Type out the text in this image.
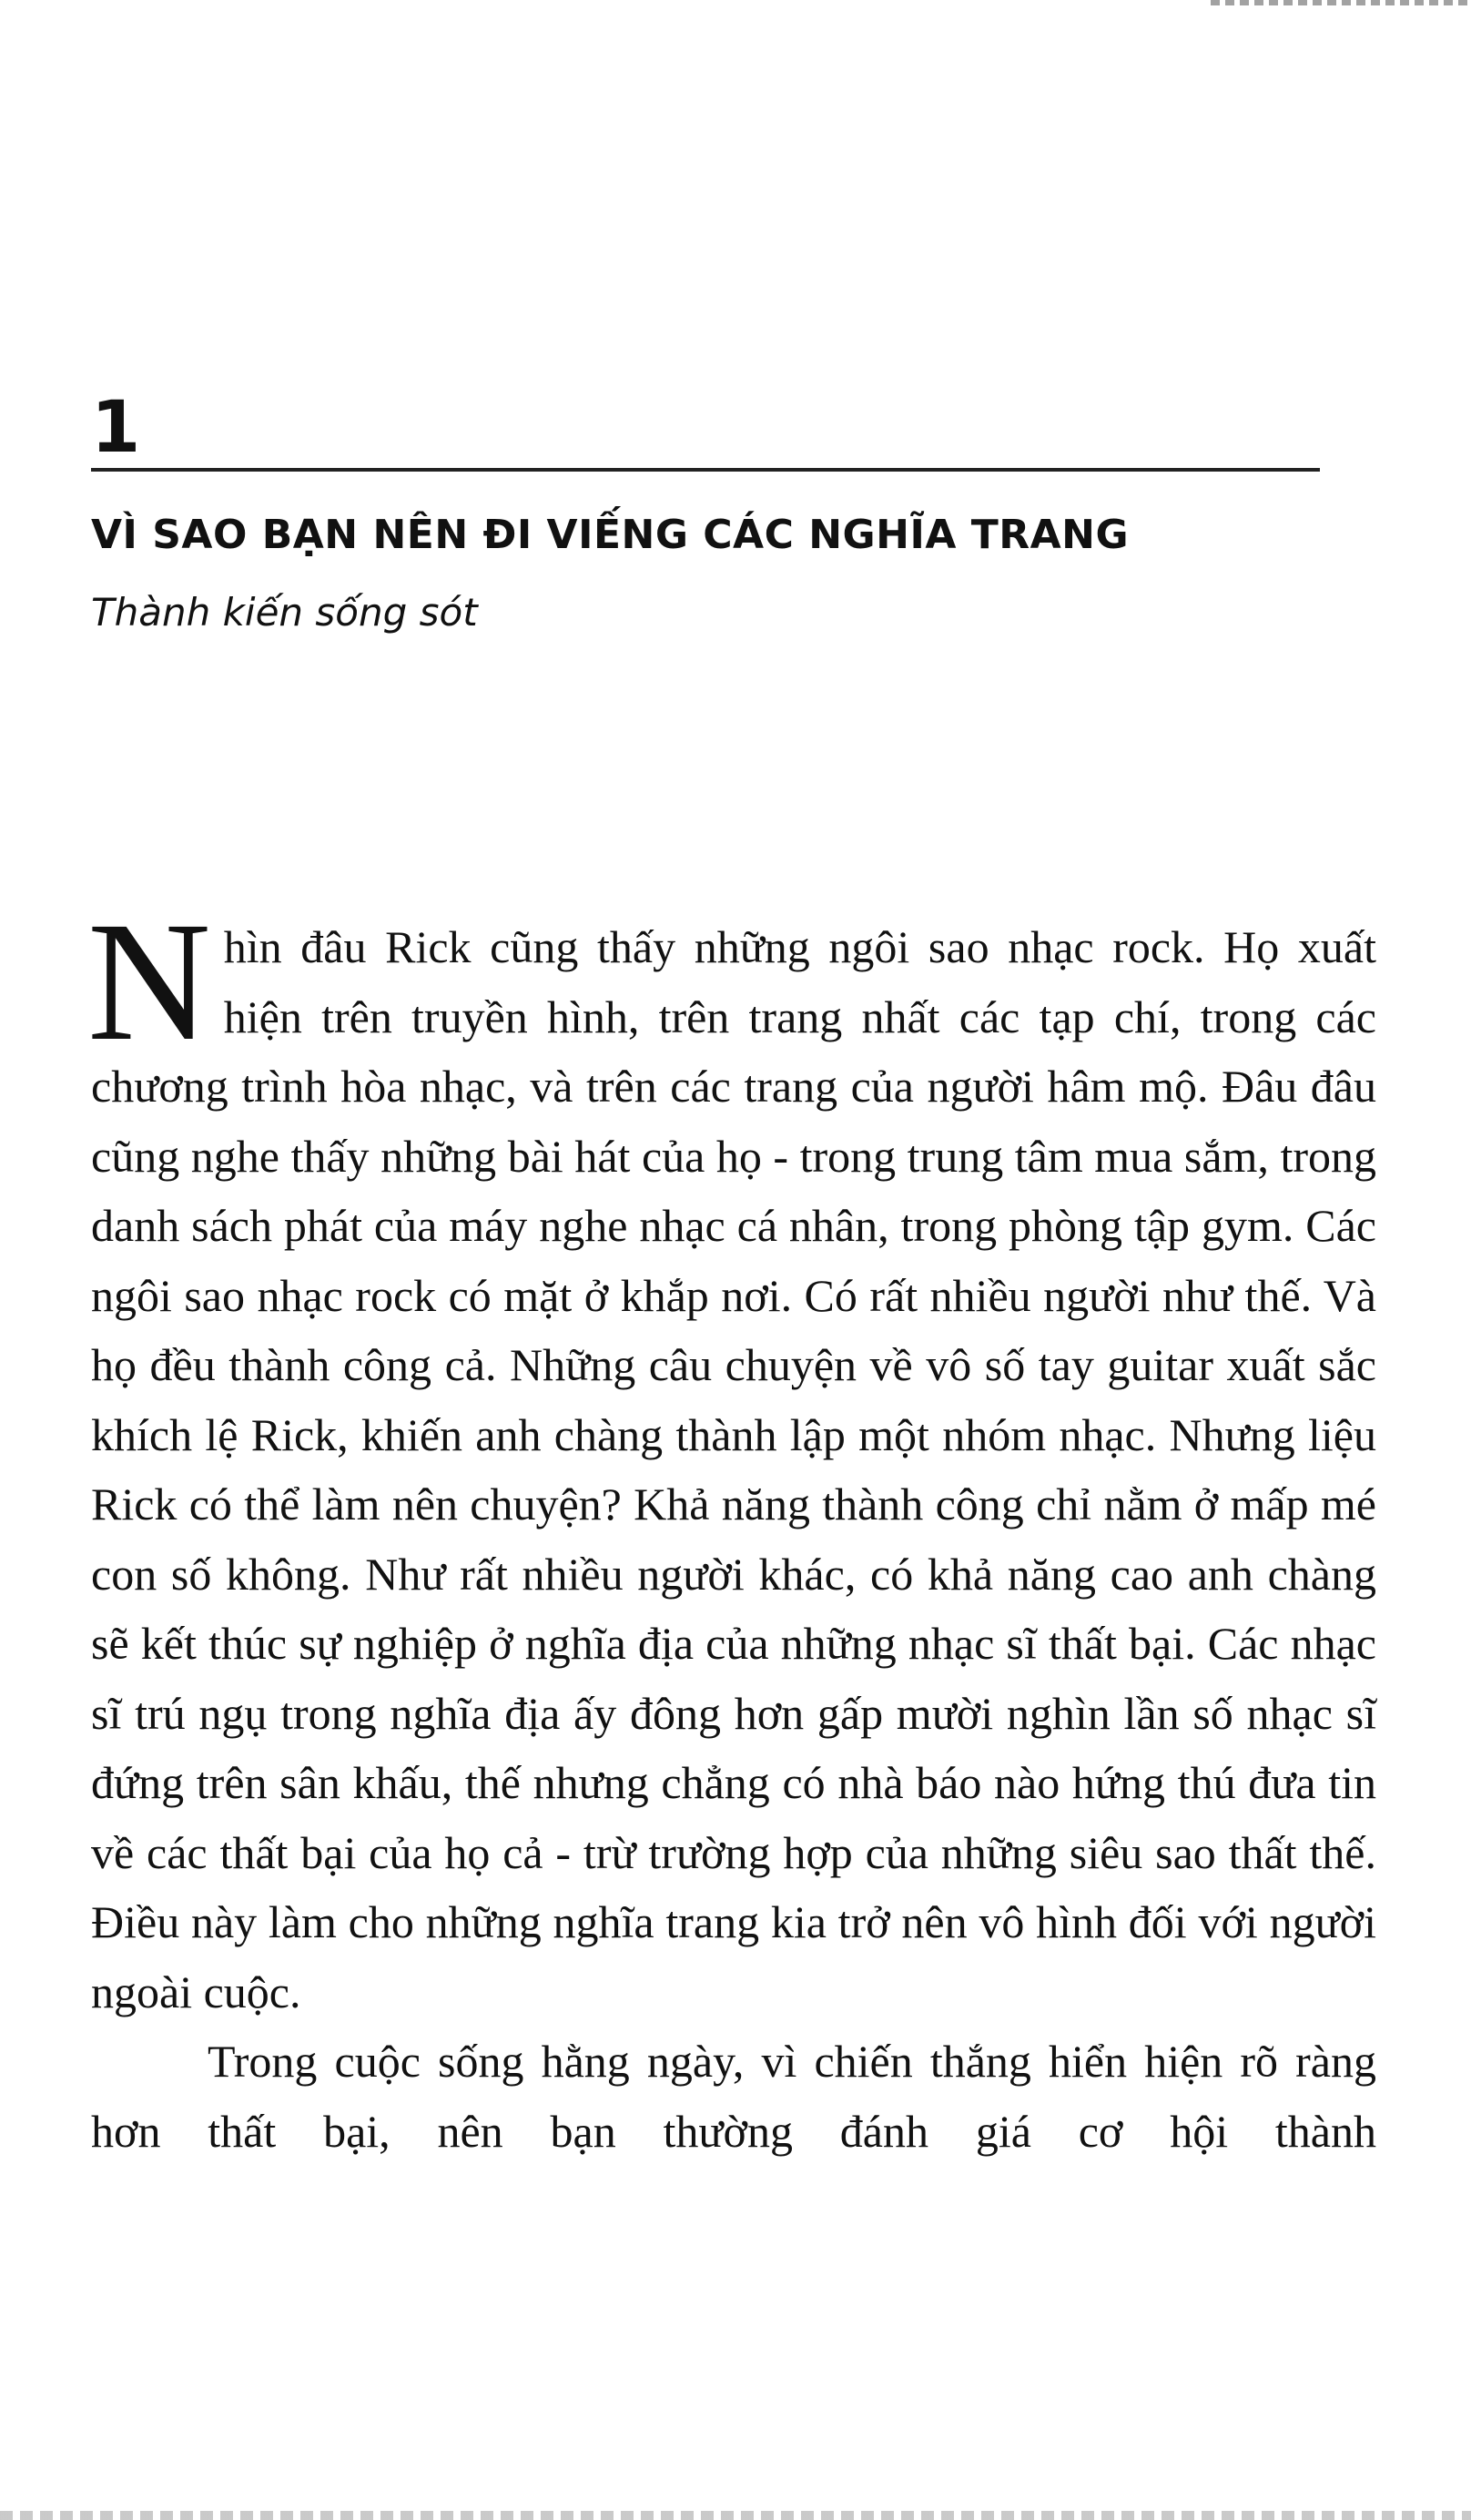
1
VÌ SAO BẠN NÊN ĐI VIẾNG CÁC NGHĨA TRANG

Thành kiến sống sót

Nhìn đâu Rick cũng thấy những ngôi sao nhạc rock. Họ xuất hiện trên truyền hình, trên trang nhất các tạp chí, trong các chương trình hòa nhạc, và trên các trang của người hâm mộ. Đâu đâu cũng nghe thấy những bài hát của họ - trong trung tâm mua sắm, trong danh sách phát của máy nghe nhạc cá nhân, trong phòng tập gym. Các ngôi sao nhạc rock có mặt ở khắp nơi. Có rất nhiều người như thế. Và họ đều thành công cả. Những câu chuyện về vô số tay guitar xuất sắc khích lệ Rick, khiến anh chàng thành lập một nhóm nhạc. Nhưng liệu Rick có thể làm nên chuyện? Khả năng thành công chỉ nằm ở mấp mé con số không. Như rất nhiều người khác, có khả năng cao anh chàng sẽ kết thúc sự nghiệp ở nghĩa địa của những nhạc sĩ thất bại. Các nhạc sĩ trú ngụ trong nghĩa địa ấy đông hơn gấp mười nghìn lần số nhạc sĩ đứng trên sân khấu, thế nhưng chẳng có nhà báo nào hứng thú đưa tin về các thất bại của họ cả - trừ trường hợp của những siêu sao thất thế. Điều này làm cho những nghĩa trang kia trở nên vô hình đối với người ngoài cuộc.

Trong cuộc sống hằng ngày, vì chiến thắng hiển hiện rõ ràng hơn thất bại, nên bạn thường đánh giá cơ hội thành
